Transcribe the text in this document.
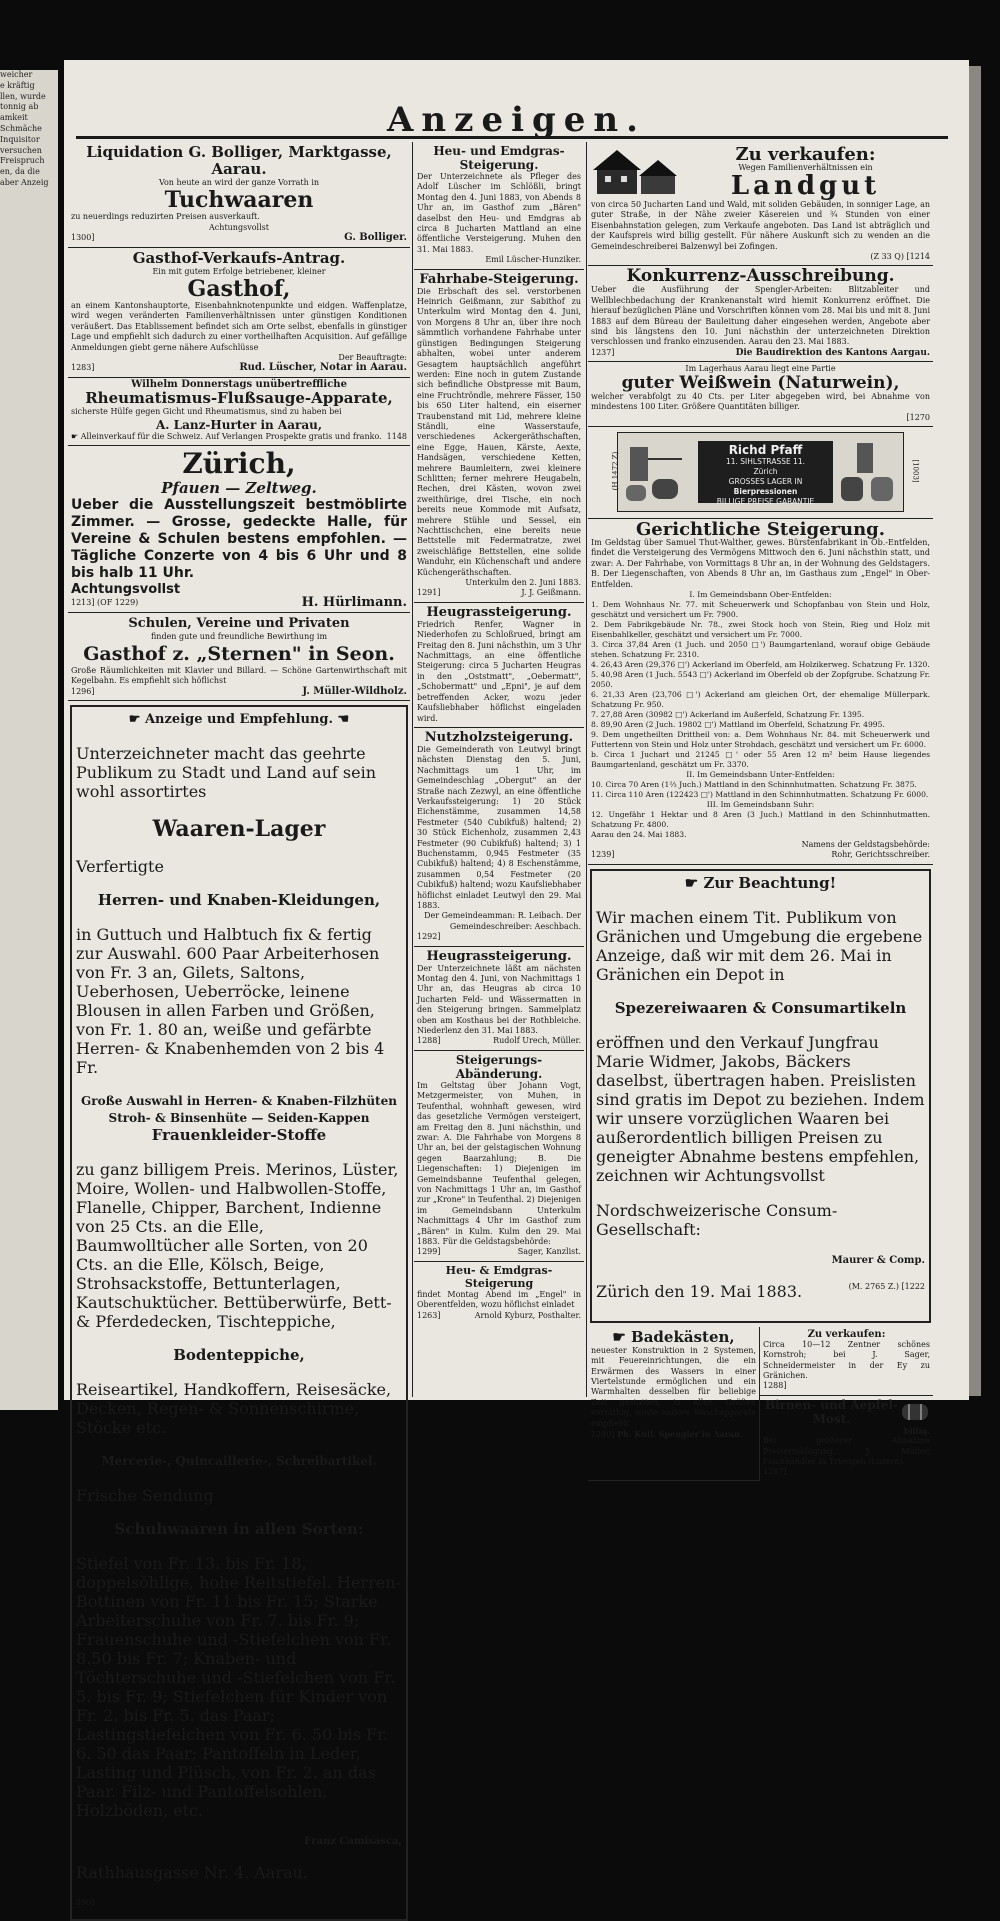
weicher
e kräftig
llen, wurde
tonnig ab
amkeit
Schmäche
Inquisitor
versuchen
Freispruch
en, da die
aber Anzeig
Anzeigen.
Liquidation G. Bolliger, Marktgasse, Aarau.

Von heute an wird der ganze Vorrath in

Tuchwaaren

zu neuerdings reduzirten Preisen ausverkauft.

Achtungsvollst

1300]	G. Bolliger.

Gasthof-Verkaufs-Antrag.

Ein mit gutem Erfolge betriebener, kleiner

Gasthof,

an einem Kantonshauptorte, Eisenbahnknotenpunkte und eidgen. Waffenplatze, wird wegen veränderten Familienverhältnissen unter günstigen Konditionen veräußert. Das Etablissement befindet sich am Orte selbst, ebenfalls in günstiger Lage und empfiehlt sich dadurch zu einer vortheilhaften Acquisition. Auf gefällige Anmeldungen giebt gerne nähere Aufschlüsse

Der Beauftragte:

1283]	Rud. Lüscher, Notar in Aarau.

Wilhelm Donnerstags unübertreffliche

Rheumatismus-Flußsauge-Apparate,

sicherste Hülfe gegen Gicht und Rheumatismus, sind zu haben bei

A. Lanz-Hurter in Aarau,

☛ Alleinverkauf für die Schweiz. Auf Verlangen Prospekte gratis und franko. 1148

Zürich,
Pfauen — Zeltweg.

Ueber die Ausstellungszeit bestmöblirte Zimmer. — Grosse, gedeckte Halle, für Vereine & Schulen bestens empfohlen. — Tägliche Conzerte von 4 bis 6 Uhr und 8 bis halb 11 Uhr.

Achtungsvollst

1213] (OF 1229)	H. Hürlimann.

Schulen, Vereine und Privaten

finden gute und freundliche Bewirthung im

Gasthof z. „Sternen" in Seon.

Große Räumlichkeiten mit Klavier und Billard. — Schöne Gartenwirthschaft mit Kegelbahn. Es empfiehlt sich höflichst

1296]	J. Müller-Wildholz.

☛ Anzeige und Empfehlung. ☚

Unterzeichneter macht das geehrte Publikum zu Stadt und Land auf sein wohl assortirtes

Waaren-Lager

Verfertigte

Herren- und Knaben-Kleidungen,

in Guttuch und Halbtuch fix & fertig zur Auswahl. 600 Paar Arbeiterhosen von Fr. 3 an, Gilets, Saltons, Ueberhosen, Ueberröcke, leinene Blousen in allen Farben und Größen, von Fr. 1. 80 an, weiße und gefärbte Herren- & Knabenhemden von 2 bis 4 Fr.

Große Auswahl in Herren- & Knaben-Filzhüten
Stroh- & Binsenhüte — Seiden-Kappen
Frauenkleider-Stoffe

zu ganz billigem Preis. Merinos, Lüster, Moire, Wollen- und Halbwollen-Stoffe, Flanelle, Chipper, Barchent, Indienne von 25 Cts. an die Elle, Baumwolltücher alle Sorten, von 20 Cts. an die Elle, Kölsch, Beige, Strohsackstoffe, Bettunterlagen, Kautschuktücher. Bettüberwürfe, Bett- & Pferdedecken, Tischteppiche,

Bodenteppiche,

Reiseartikel, Handkoffern, Reisesäcke, Decken, Regen- & Sonnenschirme, Stöcke etc.

Mercerie-, Quincaillerie-, Schreibartikel.

Frische Sendung

Schuhwaaren in allen Sorten:

Stiefel von Fr. 13. bis Fr. 18, doppelsöhlige, hohe Reitstiefel. Herren-Bottinen von Fr. 11 bis Fr. 15; Starke Arbeiterschuhe von Fr. 7. bis Fr. 9; Frauenschuhe und -Stiefelchen von Fr. 8.50 bis Fr. 7; Knaben- und Töchterschuhe und -Stiefelchen von Fr. 5. bis Fr. 9; Stiefelchen für Kinder von Fr. 2. bis Fr. 5. das Paar; Lastingstiefelchen von Fr. 6. 50 bis Fr. 6. 50 das Paar; Pantoffeln in Leder, Lasting und Plüsch, von Fr. 2. an das Paar. Filz- und Pantoffelsohlen, Holzböden, etc.

Franz Camisasca,

Rathhausgasse Nr. 4. Aarau.

390]

Heu- und Emdgras-Steigerung.

Der Unterzeichnete als Pfleger des Adolf Lüscher im Schlößli, bringt Montag den 4. Juni 1883, von Abends 8 Uhr an, im Gasthof zum „Bären" daselbst den Heu- und Emdgras ab circa 8 Jucharten Mattland an eine öffentliche Versteigerung. Muhen den 31. Mai 1883.

Emil Lüscher-Hunziker.

Fahrhabe-Steigerung.

Die Erbschaft des sel. verstorbenen Heinrich Geißmann, zur Sabithof zu Unterkulm wird Montag den 4. Juni, von Morgens 8 Uhr an, über ihre noch sämmtlich vorhandene Fahrhabe unter günstigen Bedingungen Steigerung abhalten, wobei unter anderem Gesagtem hauptsächlich angeführt werden: Eine noch in gutem Zustande sich befindliche Obstpresse mit Baum, eine Fruchtröndle, mehrere Fässer, 150 bis 650 Liter haltend, ein eiserner Traubenstand mit Lid, mehrere kleine Ständli, eine Wasserstaufe, verschiedenes Ackergeräthschaften, eine Egge, Hauen, Kärste, Aexte, Handsägen, verschiedene Ketten, mehrere Baumleitern, zwei kleinere Schlitten; ferner mehrere Heugabeln, Rechen, drei Kästen, wovon zwei zweithürige, drei Tische, ein noch bereits neue Kommode mit Aufsatz, mehrere Stühle und Sessel, ein Nachttischchen, eine bereits neue Bettstelle mit Federmatratze, zwei zweischläfige Bettstellen, eine solide Wanduhr, ein Küchenschaft und andere Küchengeräthschaften.

Unterkulm den 2. Juni 1883.

1291]	J. J. Geißmann.

Heugrassteigerung.

Friedrich Renfer, Wagner in Niederhofen zu Schloßrued, bringt am Freitag den 8. Juni nächsthin, um 3 Uhr Nachmittags, an eine öffentliche Steigerung: circa 5 Jucharten Heugras in den „Oststmatt", „Oebermatt", „Schobermatt" und „Epni", je auf dem betreffenden Acker, wozu jeder Kaufsliebhaber höflichst eingeladen wird.

Nutzholzsteigerung.

Die Gemeinderath von Leutwyl bringt nächsten Dienstag den 5. Juni, Nachmittags um 1 Uhr, im Gemeindeschlag „Obergut" an der Straße nach Zezwyl, an eine öffentliche Verkaufssteigerung: 1) 20 Stück Eichenstämme, zusammen 14,58 Festmeter (540 Cubikfuß) haltend; 2) 30 Stück Eichenholz, zusammen 2,43 Festmeter (90 Cubikfuß) haltend; 3) 1 Buchenstamm, 0,945 Festmeter (35 Cubikfuß) haltend; 4) 8 Eschenstämme, zusammen 0,54 Festmeter (20 Cubikfuß) haltend; wozu Kaufsliebhaber höflichst einladet Leutwyl den 29. Mai 1883.

Der Gemeindeamman: R. Leibach. Der Gemeindeschreiber: Aeschbach.

1292]

Heugrassteigerung.

Der Unterzeichnete läßt am nächsten Montag den 4. Juni, von Nachmittags 1 Uhr an, das Heugras ab circa 10 Jucharten Feld- und Wässermatten in den Steigerung bringen. Sammelplatz oben am Kosthaus bei der Rothbleiche. Niederlenz den 31. Mai 1883.

1288]	Rudolf Urech, Müller.

Steigerungs-Abänderung.

Im Geltstag über Johann Vogt, Metzgermeister, von Muhen, in Teufenthal, wohnhaft gewesen, wird das gesetzliche Vermögen versteigert, am Freitag den 8. Juni nächsthin, und zwar: A. Die Fahrhabe von Morgens 8 Uhr an, bei der gelstagischen Wohnung gegen Baarzahlung; B. Die Liegenschaften: 1) Diejenigen im Gemeindsbanne Teufenthal gelegen, von Nachmittags 1 Uhr an, im Gasthof zur „Krone" in Teufenthal. 2) Diejenigen im Gemeindsbann Unterkulm Nachmittags 4 Uhr im Gasthof zum „Bären" in Kulm. Kulm den 29. Mai 1883. Für die Geldstagsbehörde:

1299]	Sager, Kanzlist.

Heu- & Emdgras-Steigerung

findet Montag Abend im „Engel" in Oberentfelden, wozu höflichst einladet

1263]	Arnold Kyburz, Posthalter.

Zu verkaufen:

Wegen Familienverhältnissen ein

Landgut

von circa 50 Jucharten Land und Wald, mit soliden Gebäuden, in sonniger Lage, an guter Straße, in der Nähe zweier Käsereien und ¾ Stunden von einer Eisenbahnstation gelegen, zum Verkaufe angeboten. Das Land ist abträglich und der Kaufspreis wird billig gestellt. Für nähere Auskunft sich zu wenden an die Gemeindeschreiberei Balzenwyl bei Zofingen.

(Z 33 Q) [1214

Konkurrenz-Ausschreibung.

Ueber die Ausführung der Spengler-Arbeiten: Blitzableiter und Wellblechbedachung der Krankenanstalt wird hiemit Konkurrenz eröffnet. Die hierauf bezüglichen Pläne und Vorschriften können vom 28. Mai bis und mit 8. Juni 1883 auf dem Büreau der Bauleitung daher eingesehen werden, Angebote aber sind bis längstens den 10. Juni nächsthin der unterzeichneten Direktion verschlossen und franko einzusenden. Aarau den 23. Mai 1883.

1237]	Die Baudirektion des Kantons Aargau.

Im Lagerhaus Aarau liegt eine Partie

guter Weißwein (Naturwein),

welcher verabfolgt zu 40 Cts. per Liter abgegeben wird, bei Abnahme von mindestens 100 Liter. Größere Quantitäten billiger.

[1270

Richd Pfaff
11. SIHLSTRASSE 11.
Zürich
GROSSES LAGER IN
Bierpressionen
BILLIGE PREISE GARANTIE
(H 1472 Z)	[1003]
Gerichtliche Steigerung.

Im Geldstag über Samuel Thut-Walther, gewes. Bürstenfabrikant in Ob.-Entfelden, findet die Versteigerung des Vermögens Mittwoch den 6. Juni nächsthin statt, und zwar: A. Der Fahrhabe, von Vormittags 8 Uhr an, in der Wohnung des Geldstagers. B. Der Liegenschaften, von Abends 8 Uhr an, im Gasthaus zum „Engel" in Ober-Entfelden.

I. Im Gemeindsbann Ober-Entfelden:

1. Dem Wohnhaus Nr. 77. mit Scheuerwerk und Schopfanbau von Stein und Holz, geschätzt und versichert um Fr. 7900.

2. Dem Fabrikgebäude Nr. 78., zwei Stock hoch von Stein, Rieg und Holz mit Eisenbahlkeller, geschätzt und versichert um Fr. 7000.

3. Circa 37,84 Aren (1 Juch. und 2050 □') Baumgartenland, worauf obige Gebäude stehen. Schatzung Fr. 2310.

4. 26,43 Aren (29,376 □') Ackerland im Oberfeld, am Holzikerweg. Schatzung Fr. 1320.

5. 40,98 Aren (1 Juch. 5543 □') Ackerland im Oberfeld ob der Zopfgrube. Schatzung Fr. 2050.

6. 21,33 Aren (23,706 □') Ackerland am gleichen Ort, der ehemalige Müllerpark. Schatzung Fr. 950.

7. 27,88 Aren (30982 □') Ackerland im Außerfeld, Schatzung Fr. 1395.

8. 89,90 Aren (2 Juch. 19802 □') Mattland im Oberfeld, Schatzung Fr. 4995.

9. Dem ungetheilten Drittheil von: a. Dem Wohnhaus Nr. 84. mit Scheuerwerk und Futtertenn von Stein und Holz unter Strohdach, geschätzt und versichert um Fr. 6000.

b. Circa 1 Juchart und 21245 □' oder 55 Aren 12 m² beim Hause liegendes Baumgartenland, geschätzt um Fr. 3370.

II. Im Gemeindsbann Unter-Entfelden:

10. Circa 70 Aren (1⅔ Juch.) Mattland in den Schinnhutmatten. Schatzung Fr. 3875.

11. Circa 110 Aren (122423 □') Mattland in den Schinnhutmatten. Schatzung Fr. 6000.

III. Im Gemeindsbann Suhr:

12. Ungefähr 1 Hektar und 8 Aren (3 Juch.) Mattland in den Schinnhutmatten. Schatzung Fr. 4800.

Aarau den 24. Mai 1883.

Namens der Geldstagsbehörde:

1239]	Rohr, Gerichtsschreiber.

☛ Zur Beachtung!

Wir machen einem Tit. Publikum von Gränichen und Umgebung die ergebene Anzeige, daß wir mit dem 26. Mai in Gränichen ein Depot in

Spezereiwaaren & Consumartikeln

eröffnen und den Verkauf Jungfrau Marie Widmer, Jakobs, Bäckers daselbst, übertragen haben. Preislisten sind gratis im Depot zu beziehen. Indem wir unsere vorzüglichen Waaren bei außerordentlich billigen Preisen zu geneigter Abnahme bestens empfehlen, zeichnen wir Achtungsvollst

Nordschweizerische Consum-Gesellschaft:

Maurer & Comp.

Zürich den 19. Mai 1883.	(M. 2765 Z.) [1222

☛ Badekästen,

neuester Konstruktion in 2 Systemen, mit Feuereinrichtungen, die ein Erwärmen des Wassers in einer Viertelstunde ermöglichen und ein Warmhalten desselben für beliebige Zeit gestatten, in allen Größen vorräthig, sowie andere Waschapparate empfiehlt

1280] Ph. Kull, Spengler in Aarau.

Zu verkaufen:

Circa 10—12 Zentner schönes Kornstroh; bei J. Sager, Schneidermeister in der Ey zu Gränichen.

1288]

Birnen- und Aepfel-Most.

billig.

Bei größerer Abnahme Preisermäßigung. J. Müller, Fischhändler in Triengen (Luzern).

1287]
